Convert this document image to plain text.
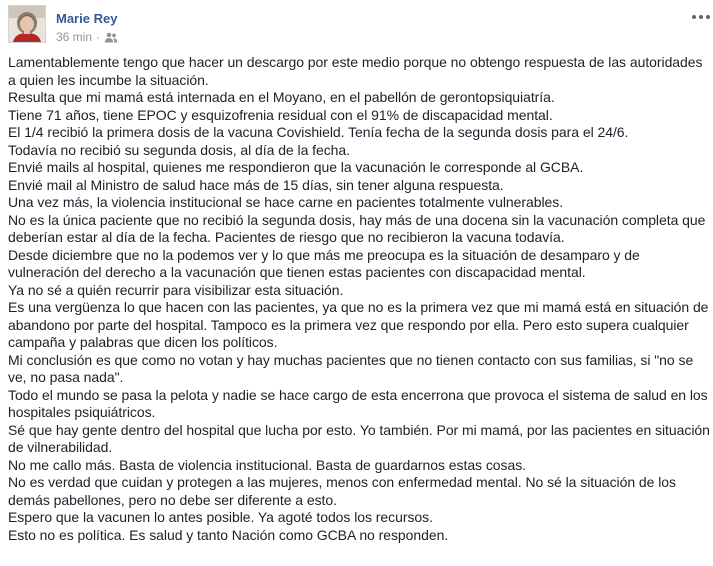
Marie Rey
36 min ·
Lamentablemente tengo que hacer un descargo por este medio porque no obtengo respuesta de las autoridades a quien les incumbe la situación.
Resulta que mi mamá está internada en el Moyano, en el pabellón de gerontopsiquiatría.
Tiene 71 años, tiene EPOC y esquizofrenia residual con el 91% de discapacidad mental.
El 1/4 recibió la primera dosis de la vacuna Covishield. Tenía fecha de la segunda dosis para el 24/6.
Todavía no recibió su segunda dosis, al día de la fecha.
Envié mails al hospital, quienes me respondieron que la vacunación le corresponde al GCBA.
Envié mail al Ministro de salud hace más de 15 días, sin tener alguna respuesta.
Una vez más, la violencia institucional se hace carne en pacientes totalmente vulnerables.
No es la única paciente que no recibió la segunda dosis, hay más de una docena sin la vacunación completa que deberían estar al día de la fecha. Pacientes de riesgo que no recibieron la vacuna todavía.
Desde diciembre que no la podemos ver y lo que más me preocupa es la situación de desamparo y de vulneración del derecho a la vacunación que tienen estas pacientes con discapacidad mental.
Ya no sé a quién recurrir para visibilizar esta situación.
Es una vergüenza lo que hacen con las pacientes, ya que no es la primera vez que mi mamá está en situación de abandono por parte del hospital. Tampoco es la primera vez que respondo por ella. Pero esto supera cualquier campaña y palabras que dicen los políticos.
Mi conclusión es que como no votan y hay muchas pacientes que no tienen contacto con sus familias, si "no se ve, no pasa nada".
Todo el mundo se pasa la pelota y nadie se hace cargo de esta encerrona que provoca el sistema de salud en los hospitales psiquiátricos.
Sé que hay gente dentro del hospital que lucha por esto. Yo también. Por mi mamá, por las pacientes en situación de vilnerabilidad.
No me callo más. Basta de violencia institucional. Basta de guardarnos estas cosas.
No es verdad que cuidan y protegen a las mujeres, menos con enfermedad mental. No sé la situación de los demás pabellones, pero no debe ser diferente a esto.
Espero que la vacunen lo antes posible. Ya agoté todos los recursos.
Esto no es política. Es salud y tanto Nación como GCBA no responden.
